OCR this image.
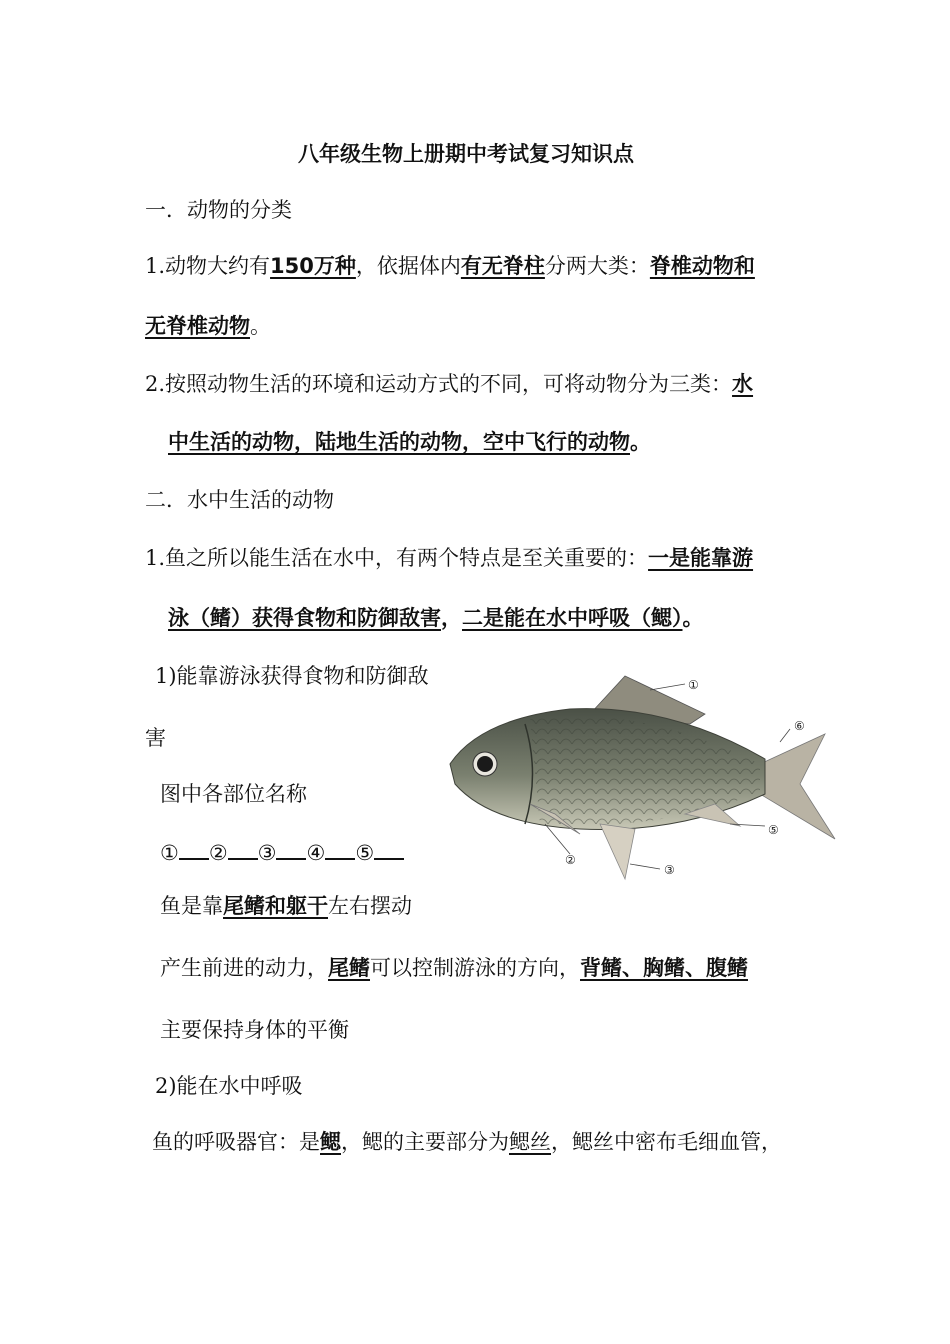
八年级生物上册期中考试复习知识点
一．动物的分类
1.动物大约有150万种，依据体内有无脊柱分两大类：脊椎动物和
无脊椎动物。
2.按照动物生活的环境和运动方式的不同，可将动物分为三类：水
中生活的动物，陆地生活的动物，空中飞行的动物。
二．水中生活的动物
1.鱼之所以能生活在水中，有两个特点是至关重要的：一是能靠游
泳（鳍）获得食物和防御敌害，二是能在水中呼吸（鳃）。
1)能靠游泳获得食物和防御敌
害
图中各部位名称
① ② ③ ④ ⑤
鱼是靠尾鳍和躯干左右摆动
产生前进的动力，尾鳍可以控制游泳的方向，背鳍、胸鳍、腹鳍
主要保持身体的平衡
2)能在水中呼吸
鱼的呼吸器官：是鳃，鳃的主要部分为鳃丝，鳃丝中密布毛细血管，
①
⑥
⑤
②
③
